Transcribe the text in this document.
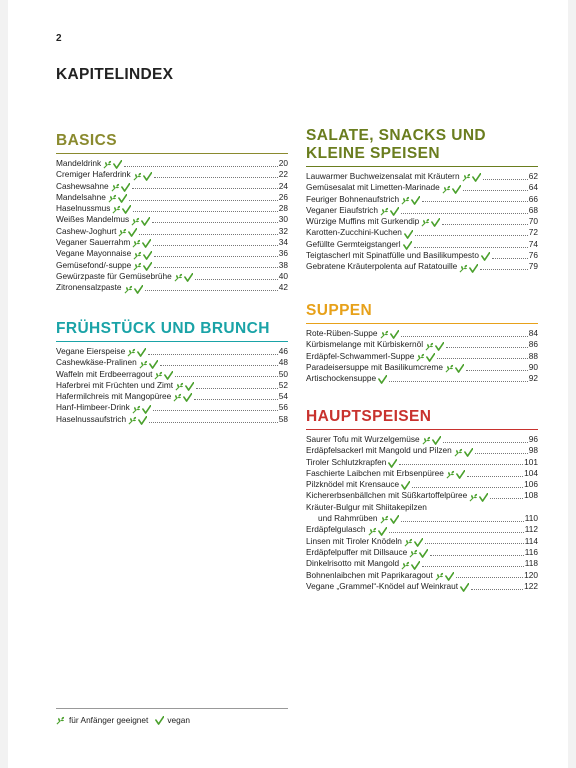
2
KAPITELINDEX
BASICS
Mandeldrink	20
Cremiger Haferdrink	22
Cashewsahne	24
Mandelsahne	26
Haselnussmus	28
Weißes Mandelmus	30
Cashew-Joghurt	32
Veganer Sauerrahm	34
Vegane Mayonnaise	36
Gemüsefond/-suppe	38
Gewürzpaste für Gemüsebrühe	40
Zitronensalzpaste	42
FRÜHSTÜCK UND BRUNCH
Vegane Eierspeise	46
Cashewkäse-Pralinen	48
Waffeln mit Erdbeerragout	50
Haferbrei mit Früchten und Zimt	52
Hafermilchreis mit Mangopüree	54
Hanf-Himbeer-Drink	56
Haselnussaufstrich	58
SALATE, SNACKS UND
KLEINE SPEISEN
Lauwarmer Buchweizensalat mit Kräutern	62
Gemüsesalat mit Limetten-Marinade	64
Feuriger Bohnenaufstrich	66
Veganer Eiaufstrich	68
Würzige Muffins mit Gurkendip	70
Karotten-Zucchini-Kuchen	72
Gefüllte Germteigstangerl	74
Teigtascherl mit Spinatfülle und Basilikumpesto	76
Gebratene Kräuterpolenta auf Ratatouille	79
SUPPEN
Rote-Rüben-Suppe	84
Kürbismelange mit Kürbiskernöl	86
Erdäpfel-Schwammerl-Suppe	88
Paradeisersuppe mit Basilikumcreme	90
Artischockensuppe	92
HAUPTSPEISEN
Saurer Tofu mit Wurzelgemüse	96
Erdäpfelsackerl mit Mangold und Pilzen	98
Tiroler Schlutzkrapfen	101
Faschierte Laibchen mit Erbsenpüree	104
Pilzknödel mit Krensauce	106
Kichererbsenbällchen mit Süßkartoffelpüree	108
Kräuter-Bulgur mit Shiitakepilzen
und Rahmrüben	110
Erdäpfelgulasch	112
Linsen mit Tiroler Knödeln	114
Erdäpfelpuffer mit Dillsauce	116
Dinkelrisotto mit Mangold	118
Bohnenlaibchen mit Paprikaragout	120
Vegane „Grammel“-Knödel auf Weinkraut	122
für Anfänger geeignet vegan
